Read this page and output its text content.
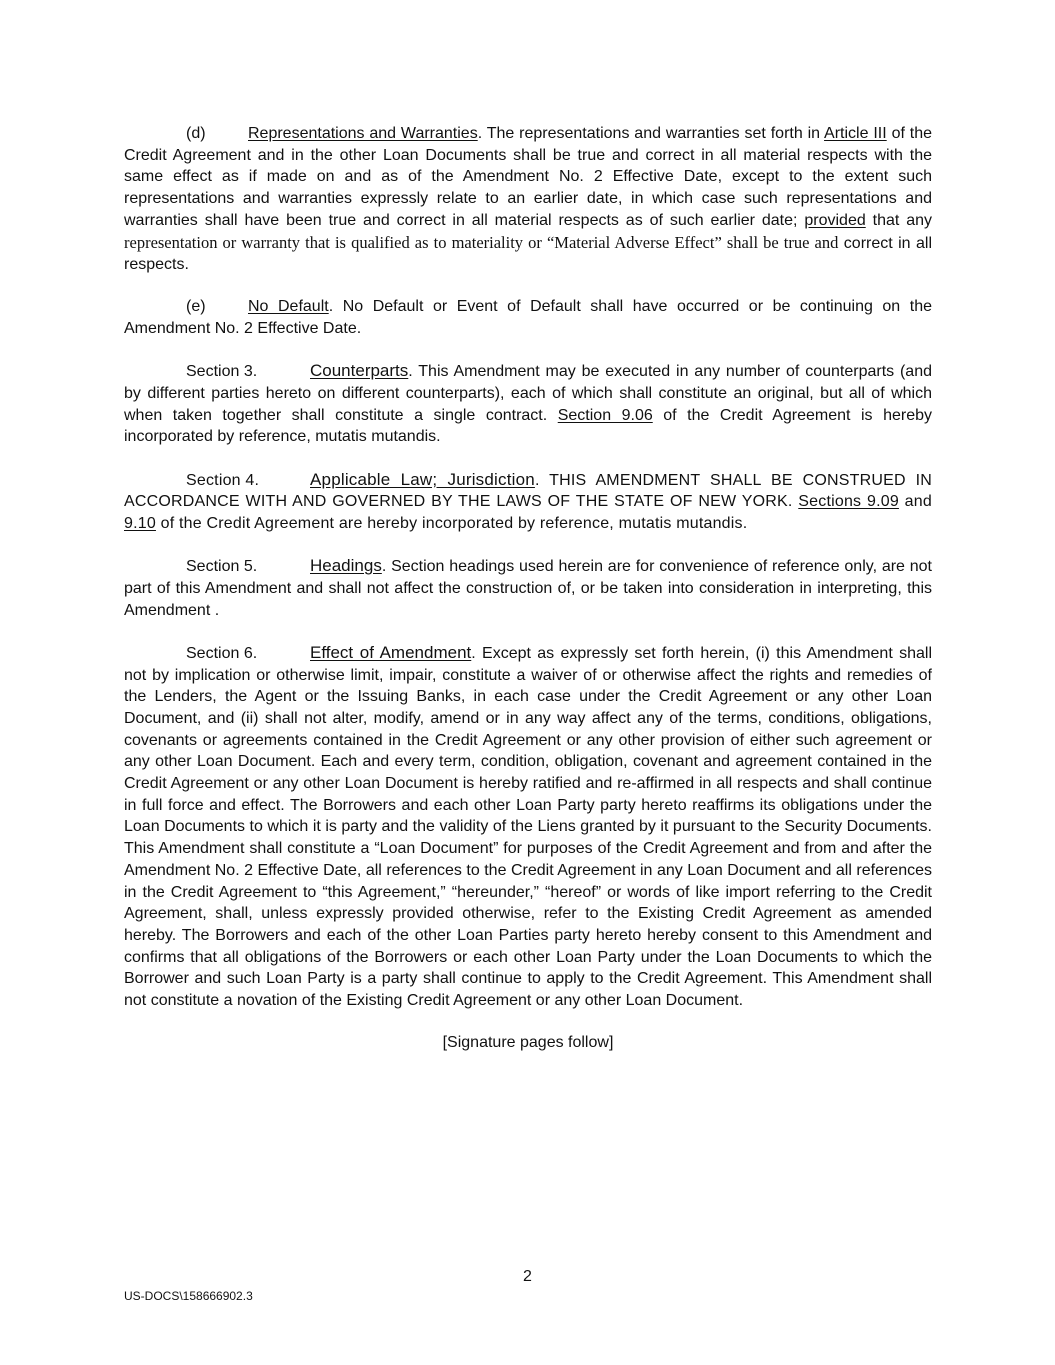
(d)	Representations and Warranties. The representations and warranties set forth in Article III of the Credit Agreement and in the other Loan Documents shall be true and correct in all material respects with the same effect as if made on and as of the Amendment No. 2 Effective Date, except to the extent such representations and warranties expressly relate to an earlier date, in which case such representations and warranties shall have been true and correct in all material respects as of such earlier date; provided that any representation or warranty that is qualified as to materiality or “Material Adverse Effect” shall be true and correct in all respects.

(e)	No Default. No Default or Event of Default shall have occurred or be continuing on the Amendment No. 2 Effective Date.

Section 3.	Counterparts. This Amendment may be executed in any number of counterparts (and by different parties hereto on different counterparts), each of which shall constitute an original, but all of which when taken together shall constitute a single contract. Section 9.06 of the Credit Agreement is hereby incorporated by reference, mutatis mutandis.

Section 4.	Applicable Law; Jurisdiction. THIS AMENDMENT SHALL BE CONSTRUED IN ACCORDANCE WITH AND GOVERNED BY THE LAWS OF THE STATE OF NEW YORK. Sections 9.09 and 9.10 of the Credit Agreement are hereby incorporated by reference, mutatis mutandis.

Section 5.	Headings. Section headings used herein are for convenience of reference only, are not part of this Amendment and shall not affect the construction of, or be taken into consideration in interpreting, this Amendment .

Section 6.	Effect of Amendment. Except as expressly set forth herein, (i) this Amendment shall not by implication or otherwise limit, impair, constitute a waiver of or otherwise affect the rights and remedies of the Lenders, the Agent or the Issuing Banks, in each case under the Credit Agreement or any other Loan Document, and (ii) shall not alter, modify, amend or in any way affect any of the terms, conditions, obligations, covenants or agreements contained in the Credit Agreement or any other provision of either such agreement or any other Loan Document. Each and every term, condition, obligation, covenant and agreement contained in the Credit Agreement or any other Loan Document is hereby ratified and re-affirmed in all respects and shall continue in full force and effect. The Borrowers and each other Loan Party party hereto reaffirms its obligations under the Loan Documents to which it is party and the validity of the Liens granted by it pursuant to the Security Documents. This Amendment shall constitute a “Loan Document” for purposes of the Credit Agreement and from and after the Amendment No. 2 Effective Date, all references to the Credit Agreement in any Loan Document and all references in the Credit Agreement to “this Agreement,” “hereunder,” “hereof” or words of like import referring to the Credit Agreement, shall, unless expressly provided otherwise, refer to the Existing Credit Agreement as amended hereby. The Borrowers and each of the other Loan Parties party hereto hereby consent to this Amendment and confirms that all obligations of the Borrowers or each other Loan Party under the Loan Documents to which the Borrower and such Loan Party is a party shall continue to apply to the Credit Agreement. This Amendment shall not constitute a novation of the Existing Credit Agreement or any other Loan Document.

[Signature pages follow]

2
US-DOCS\158666902.3
